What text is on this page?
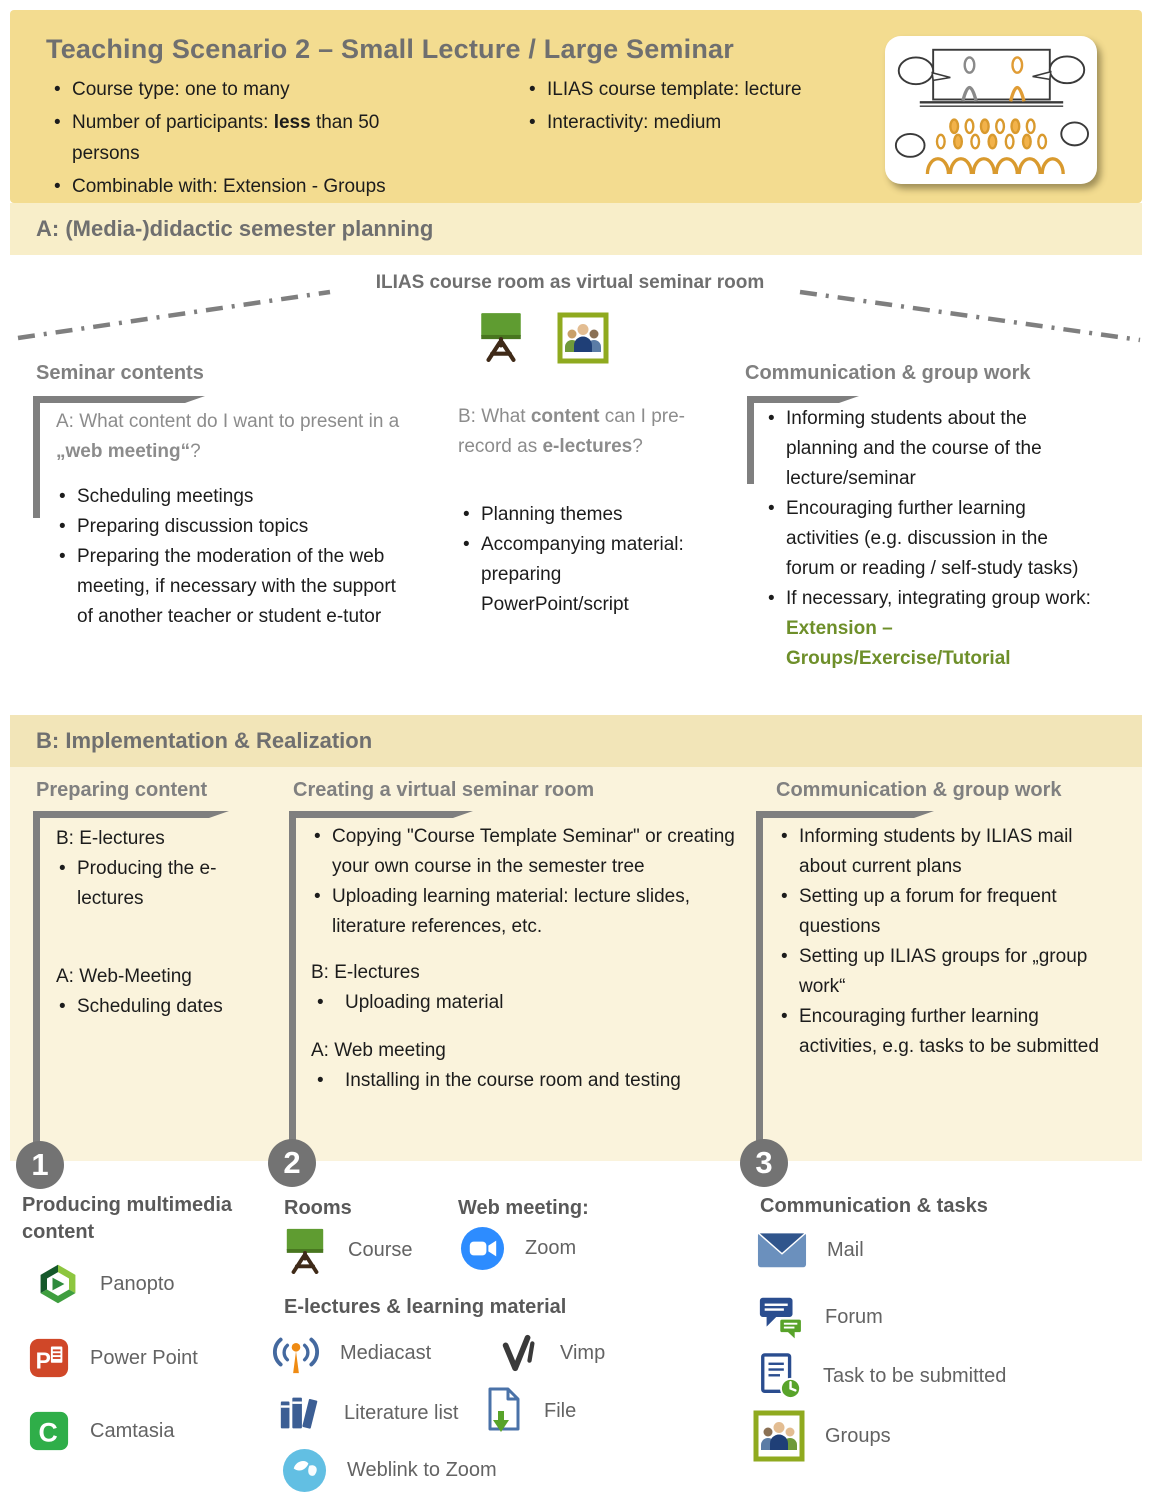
Teaching Scenario 2 – Small Lecture / Large Seminar
• Course type: one to many
• Number of participants: less than 50 persons
• Combinable with: Extension - Groups
• ILIAS course template: lecture
• Interactivity: medium
A: (Media-)didactic semester planning
ILIAS course room as virtual seminar room
Seminar contents
A: What content do I want to present in a „web meeting“?
• Scheduling meetings
• Preparing discussion topics
• Preparing the moderation of the web meeting, if necessary with the support of another teacher or student e-tutor
B: What content can I pre-record as e-lectures?
• Planning themes
• Accompanying material: preparing PowerPoint/script
Communication & group work
• Informing students about the planning and the course of the lecture/seminar
• Encouraging further learning activities (e.g. discussion in the forum or reading / self-study tasks)
• If necessary, integrating group work: Extension – Groups/Exercise/Tutorial
B: Implementation & Realization
Preparing content	Creating a virtual seminar room	Communication & group work
B: E-lectures
• Producing the e-lectures
A: Web-Meeting
• Scheduling dates
• Copying "Course Template Seminar" or creating your own course in the semester tree
• Uploading learning material: lecture slides, literature references, etc.
B: E-lectures
• Uploading material
A: Web meeting
• Installing in the course room and testing
• Informing students by ILIAS mail about current plans
• Setting up a forum for frequent questions
• Setting up ILIAS groups for „group work“
• Encouraging further learning activities, e.g. tasks to be submitted
1	2	3
Producing multimedia content
Panopto
P Power Point
C Camtasia
Rooms
Course
Web meeting:
Zoom
E-lectures & learning material
Mediacast	Vimp
Literature list	File
Weblink to Zoom
Communication & tasks
Mail
Forum
Task to be submitted
Groups
